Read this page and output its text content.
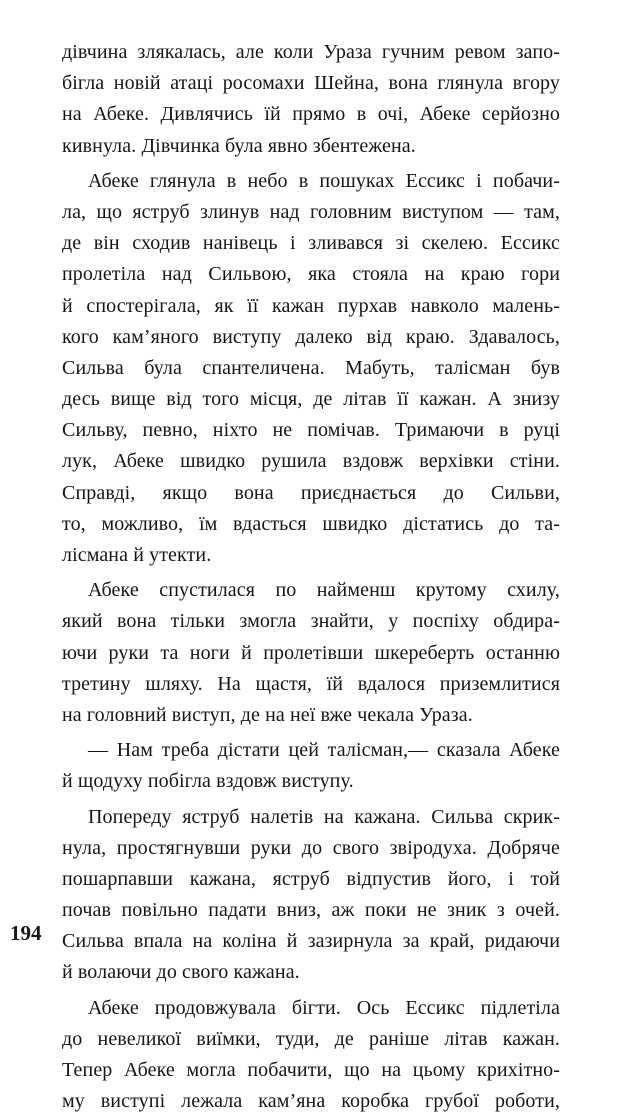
дівчина злякалась, але коли Ураза гучним ревом запо-
бігла новій атаці росомахи Шейна, вона глянула вгору
на Абеке. Дивлячись їй прямо в очі, Абеке серйозно
кивнула. Дівчинка була явно збентежена.
Абеке глянула в небо в пошуках Ессикс і побачи-
ла, що яструб злинув над головним виступом — там,
де він сходив нанівець і зливався зі скелею. Ессикс
пролетіла над Сильвою, яка стояла на краю гори
й спостерігала, як її кажан пурхав навколо малень-
кого кам’яного виступу далеко від краю. Здавалось,
Сильва була спантеличена. Мабуть, талісман був
десь вище від того місця, де літав її кажан. А знизу
Сильву, певно, ніхто не помічав. Тримаючи в руці
лук, Абеке швидко рушила вздовж верхівки стіни.
Справді, якщо вона приєднається до Сильви,
то, можливо, їм вдасться швидко дістатись до та-
лісмана й утекти.
Абеке спустилася по найменш крутому схилу,
який вона тільки змогла знайти, у поспіху обдира-
ючи руки та ноги й пролетівши шкереберть останню
третину шляху. На щастя, їй вдалося приземлитися
на головний виступ, де на неї вже чекала Ураза.
— Нам треба дістати цей талісман,— сказала Абеке
й щодуху побігла вздовж виступу.
Попереду яструб налетів на кажана. Сильва скрик-
нула, простягнувши руки до свого звіродуха. Добряче
пошарпавши кажана, яструб відпустив його, і той
почав повільно падати вниз, аж поки не зник з очей.
Сильва впала на коліна й зазирнула за край, ридаючи
й волаючи до свого кажана.
Абеке продовжувала бігти. Ось Ессикс підлетіла
до невеликої виїмки, туди, де раніше літав кажан.
Тепер Абеке могла побачити, що на цьому крихітно-
му виступі лежала кам’яна коробка грубої роботи,
194
